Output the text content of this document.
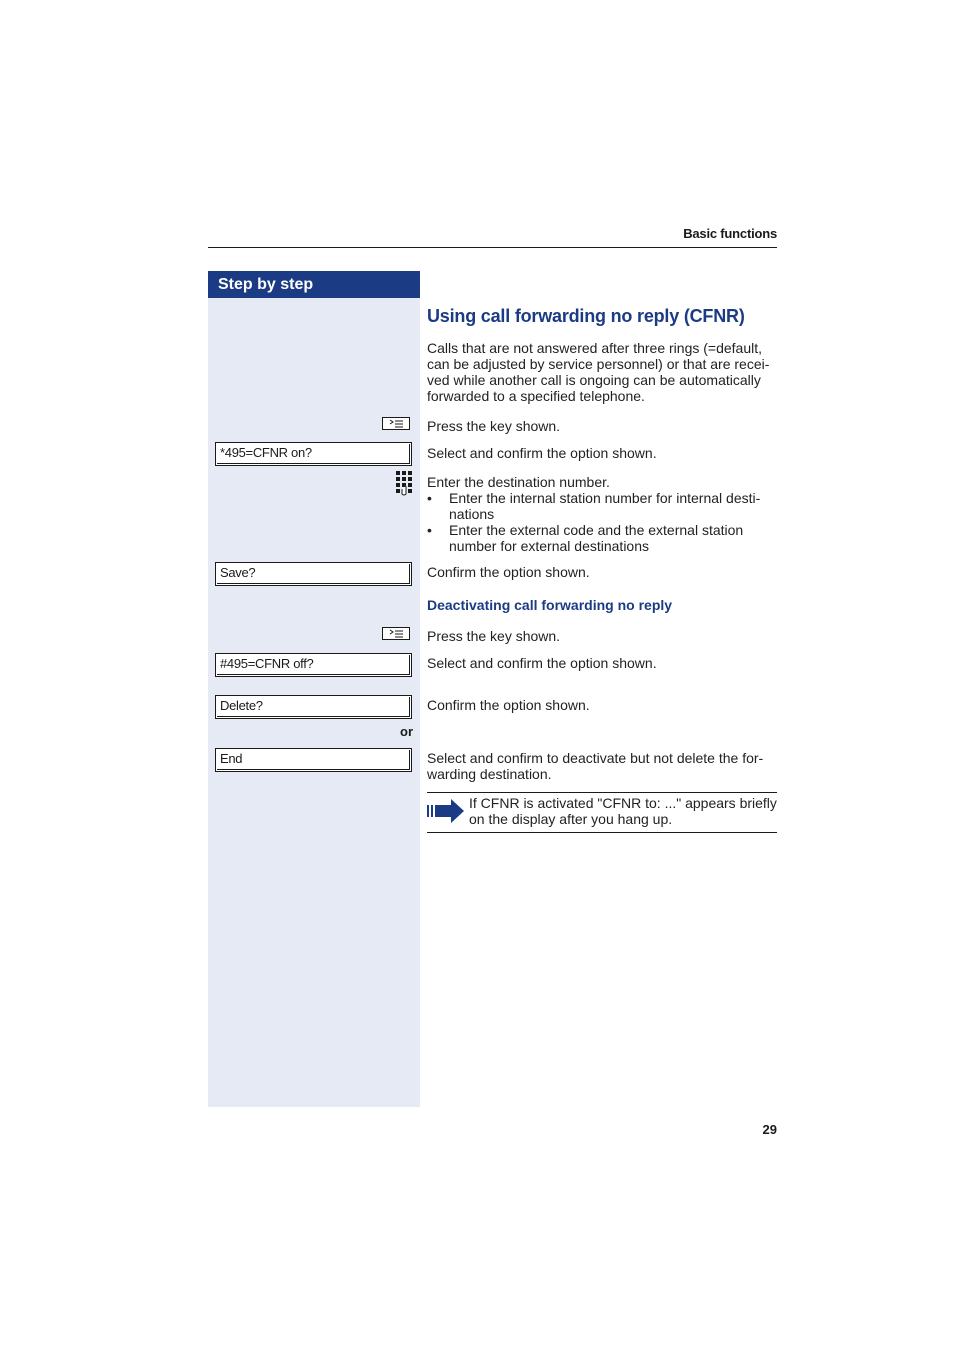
Basic functions
Step by step
Using call forwarding no reply (CFNR)
Calls that are not answered after three rings (=default,
can be adjusted by service personnel) or that are recei-
ved while another call is ongoing can be automatically
forwarded to a specified telephone.
Press the key shown.
*495=CFNR on?	Select and confirm the option shown.
Enter the destination number.
• Enter the internal station number for internal desti-
nations
• Enter the external code and the external station
number for external destinations
Save?	Confirm the option shown.
Deactivating call forwarding no reply
Press the key shown.
#495=CFNR off?	Select and confirm the option shown.
Delete?	Confirm the option shown.
or
End	Select and confirm to deactivate but not delete the for-
warding destination.
If CFNR is activated "CFNR to: ..." appears briefly
on the display after you hang up.
29
